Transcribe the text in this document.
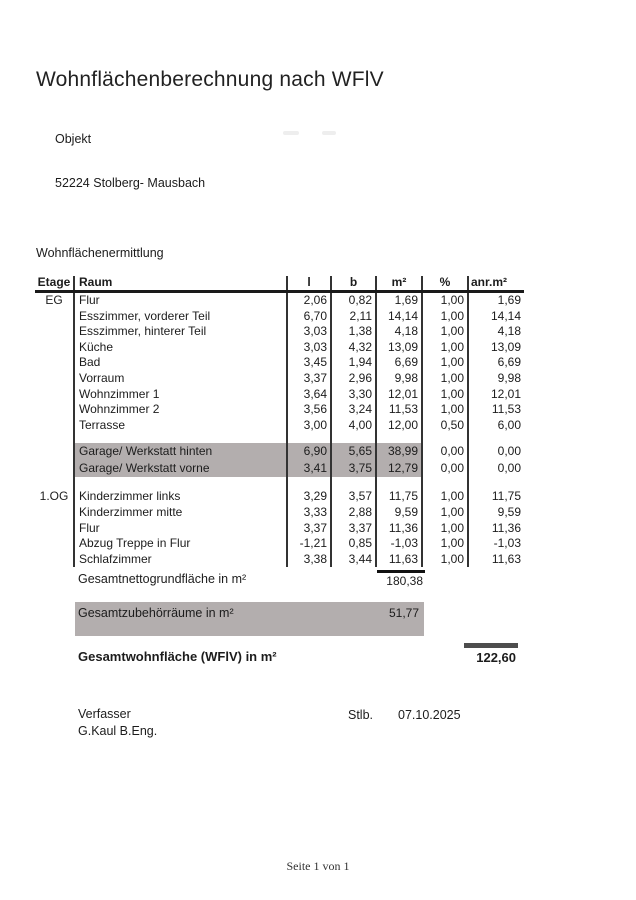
Wohnflächenberechnung nach WFlV
Objekt
52224 Stolberg- Mausbach
Wohnflächenermittlung
Etage Raum	l	b	m²	%	anr.m²
EG	Flur	2,06	0,82	1,69	1,00	1,69
Esszimmer, vorderer Teil	6,70	2,11	14,14	1,00	14,14
Esszimmer, hinterer Teil	3,03	1,38	4,18	1,00	4,18
Küche	3,03	4,32	13,09	1,00	13,09
Bad	3,45	1,94	6,69	1,00	6,69
Vorraum	3,37	2,96	9,98	1,00	9,98
Wohnzimmer 1	3,64	3,30	12,01	1,00	12,01
Wohnzimmer 2	3,56	3,24	11,53	1,00	11,53
Terrasse	3,00	4,00	12,00	0,50	6,00
Garage/ Werkstatt hinten	6,90	5,65	38,99	0,00	0,00
Garage/ Werkstatt vorne	3,41	3,75	12,79	0,00	0,00
1.OG Kinderzimmer links	3,29	3,57	11,75	1,00	11,75
Kinderzimmer mitte	3,33	2,88	9,59	1,00	9,59
Flur	3,37	3,37	11,36	1,00	11,36
Abzug Treppe in Flur	-1,21	0,85	-1,03	1,00	-1,03
Schlafzimmer	3,38	3,44	11,63	1,00	11,63
Gesamtnettogrundfläche in m²	180,38
Gesamtzubehörräume in m²	51,77
Gesamtwohnfläche (WFlV) in m²	122,60
Verfasser
G.Kaul B.Eng.
Stlb. 07.10.2025
Seite 1 von 1
